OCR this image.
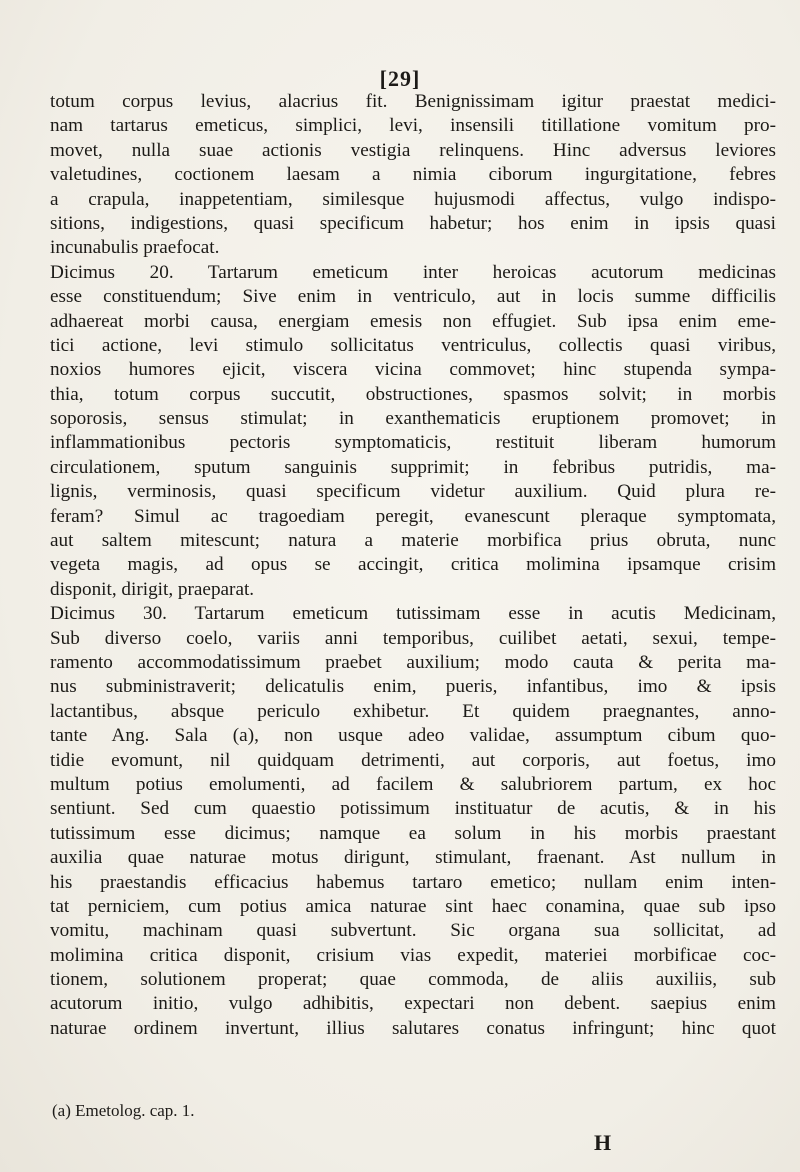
[29]
totum corpus levius, alacrius fit. Benignissimam igitur praestat medici-
nam tartarus emeticus, simplici, levi, insensili titillatione vomitum pro-
movet, nulla suae actionis vestigia relinquens. Hinc adversus leviores
valetudines, coctionem laesam a nimia ciborum ingurgitatione, febres
a crapula, inappetentiam, similesque hujusmodi affectus, vulgo indispo-
sitions, indigestions, quasi specificum habetur; hos enim in ipsis quasi
incunabulis praefocat.
Dicimus 20. Tartarum emeticum inter heroicas acutorum medicinas
esse constituendum; Sive enim in ventriculo, aut in locis summe difficilis
adhaereat morbi causa, energiam emesis non effugiet. Sub ipsa enim eme-
tici actione, levi stimulo sollicitatus ventriculus, collectis quasi viribus,
noxios humores ejicit, viscera vicina commovet; hinc stupenda sympa-
thia, totum corpus succutit, obstructiones, spasmos solvit; in morbis
soporosis, sensus stimulat; in exanthematicis eruptionem promovet; in
inflammationibus pectoris symptomaticis, restituit liberam humorum
circulationem, sputum sanguinis supprimit; in febribus putridis, ma-
lignis, verminosis, quasi specificum videtur auxilium. Quid plura re-
feram? Simul ac tragoediam peregit, evanescunt pleraque symptomata,
aut saltem mitescunt; natura a materie morbifica prius obruta, nunc
vegeta magis, ad opus se accingit, critica molimina ipsamque crisim
disponit, dirigit, praeparat.
Dicimus 30. Tartarum emeticum tutissimam esse in acutis Medicinam,
Sub diverso coelo, variis anni temporibus, cuilibet aetati, sexui, tempe-
ramento accommodatissimum praebet auxilium; modo cauta & perita ma-
nus subministraverit; delicatulis enim, pueris, infantibus, imo & ipsis
lactantibus, absque periculo exhibetur. Et quidem praegnantes, anno-
tante Ang. Sala (a), non usque adeo validae, assumptum cibum quo-
tidie evomunt, nil quidquam detrimenti, aut corporis, aut foetus, imo
multum potius emolumenti, ad facilem & salubriorem partum, ex hoc
sentiunt. Sed cum quaestio potissimum instituatur de acutis, & in his
tutissimum esse dicimus; namque ea solum in his morbis praestant
auxilia quae naturae motus dirigunt, stimulant, fraenant. Ast nullum in
his praestandis efficacius habemus tartaro emetico; nullam enim inten-
tat perniciem, cum potius amica naturae sint haec conamina, quae sub ipso
vomitu, machinam quasi subvertunt. Sic organa sua sollicitat, ad
molimina critica disponit, crisium vias expedit, materiei morbificae coc-
tionem, solutionem properat; quae commoda, de aliis auxiliis, sub
acutorum initio, vulgo adhibitis, expectari non debent. saepius enim
naturae ordinem invertunt, illius salutares conatus infringunt; hinc quot
(a) Emetolog. cap. 1.
H
